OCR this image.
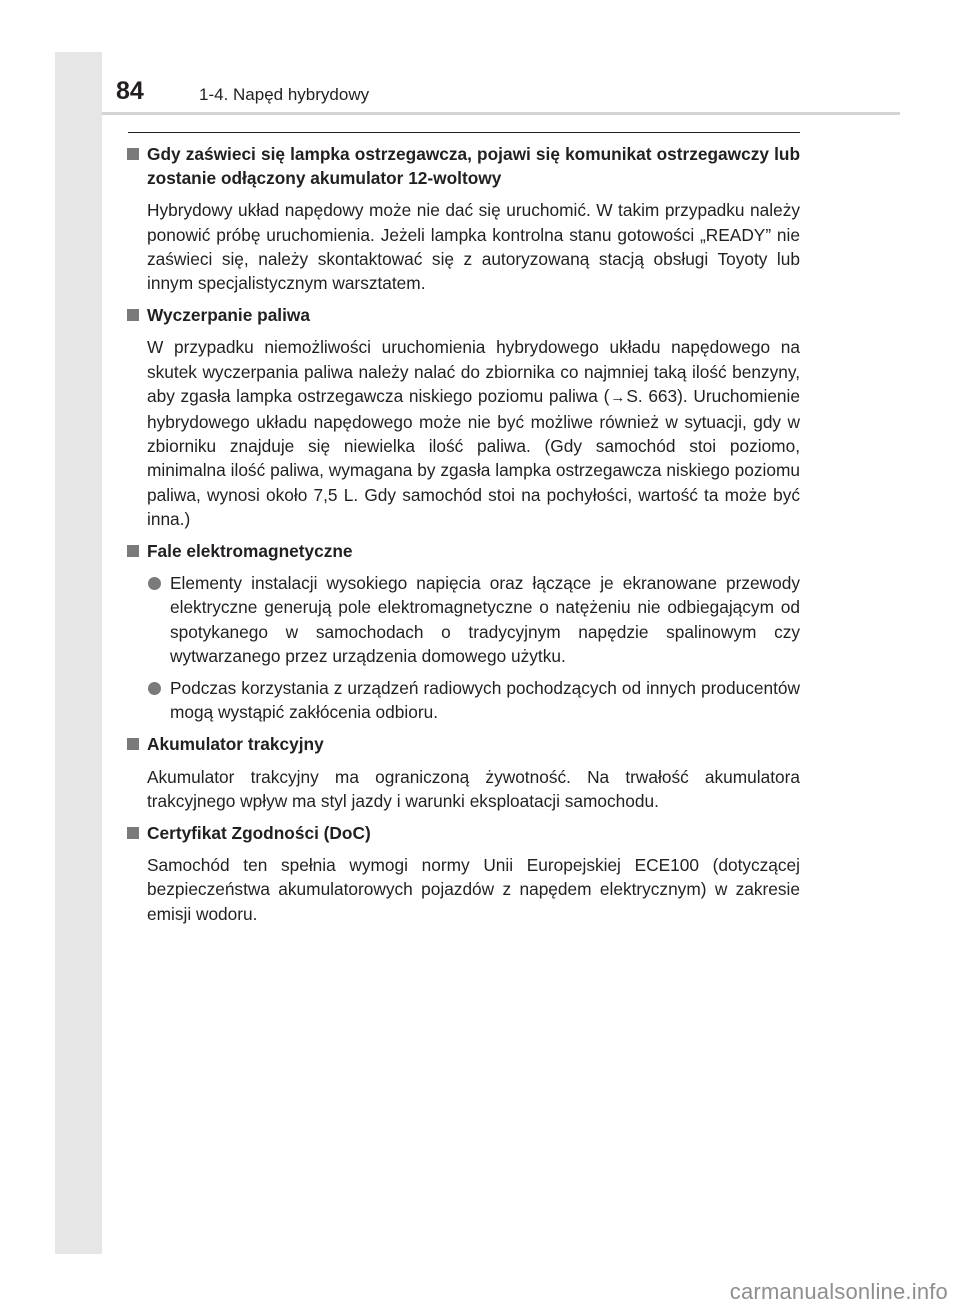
84	1-4. Napęd hybrydowy
Gdy zaświeci się lampka ostrzegawcza, pojawi się komunikat ostrzegawczy lub zostanie odłączony akumulator 12-woltowy

Hybrydowy układ napędowy może nie dać się uruchomić. W takim przypadku należy ponowić próbę uruchomienia. Jeżeli lampka kontrolna stanu gotowości „READY” nie zaświeci się, należy skontaktować się z autoryzowaną stacją obsługi Toyoty lub innym specjalistycznym warsztatem.

Wyczerpanie paliwa

W przypadku niemożliwości uruchomienia hybrydowego układu napędowego na skutek wyczerpania paliwa należy nalać do zbiornika co najmniej taką ilość benzyny, aby zgasła lampka ostrzegawcza niskiego poziomu paliwa (→S. 663). Uruchomienie hybrydowego układu napędowego może nie być możliwe również w sytuacji, gdy w zbiorniku znajduje się niewielka ilość paliwa. (Gdy samochód stoi poziomo, minimalna ilość paliwa, wymagana by zgasła lampka ostrzegawcza niskiego poziomu paliwa, wynosi około 7,5 L. Gdy samochód stoi na pochyłości, wartość ta może być inna.)

Fale elektromagnetyczne

Elementy instalacji wysokiego napięcia oraz łączące je ekranowane przewody elektryczne generują pole elektromagnetyczne o natężeniu nie odbiegającym od spotykanego w samochodach o tradycyjnym napędzie spalinowym czy wytwarzanego przez urządzenia domowego użytku.

Podczas korzystania z urządzeń radiowych pochodzących od innych producentów mogą wystąpić zakłócenia odbioru.

Akumulator trakcyjny

Akumulator trakcyjny ma ograniczoną żywotność. Na trwałość akumulatora trakcyjnego wpływ ma styl jazdy i warunki eksploatacji samochodu.

Certyfikat Zgodności (DoC)

Samochód ten spełnia wymogi normy Unii Europejskiej ECE100 (dotyczącej bezpieczeństwa akumulatorowych pojazdów z napędem elektrycznym) w zakresie emisji wodoru.

carmanualsonline.info
